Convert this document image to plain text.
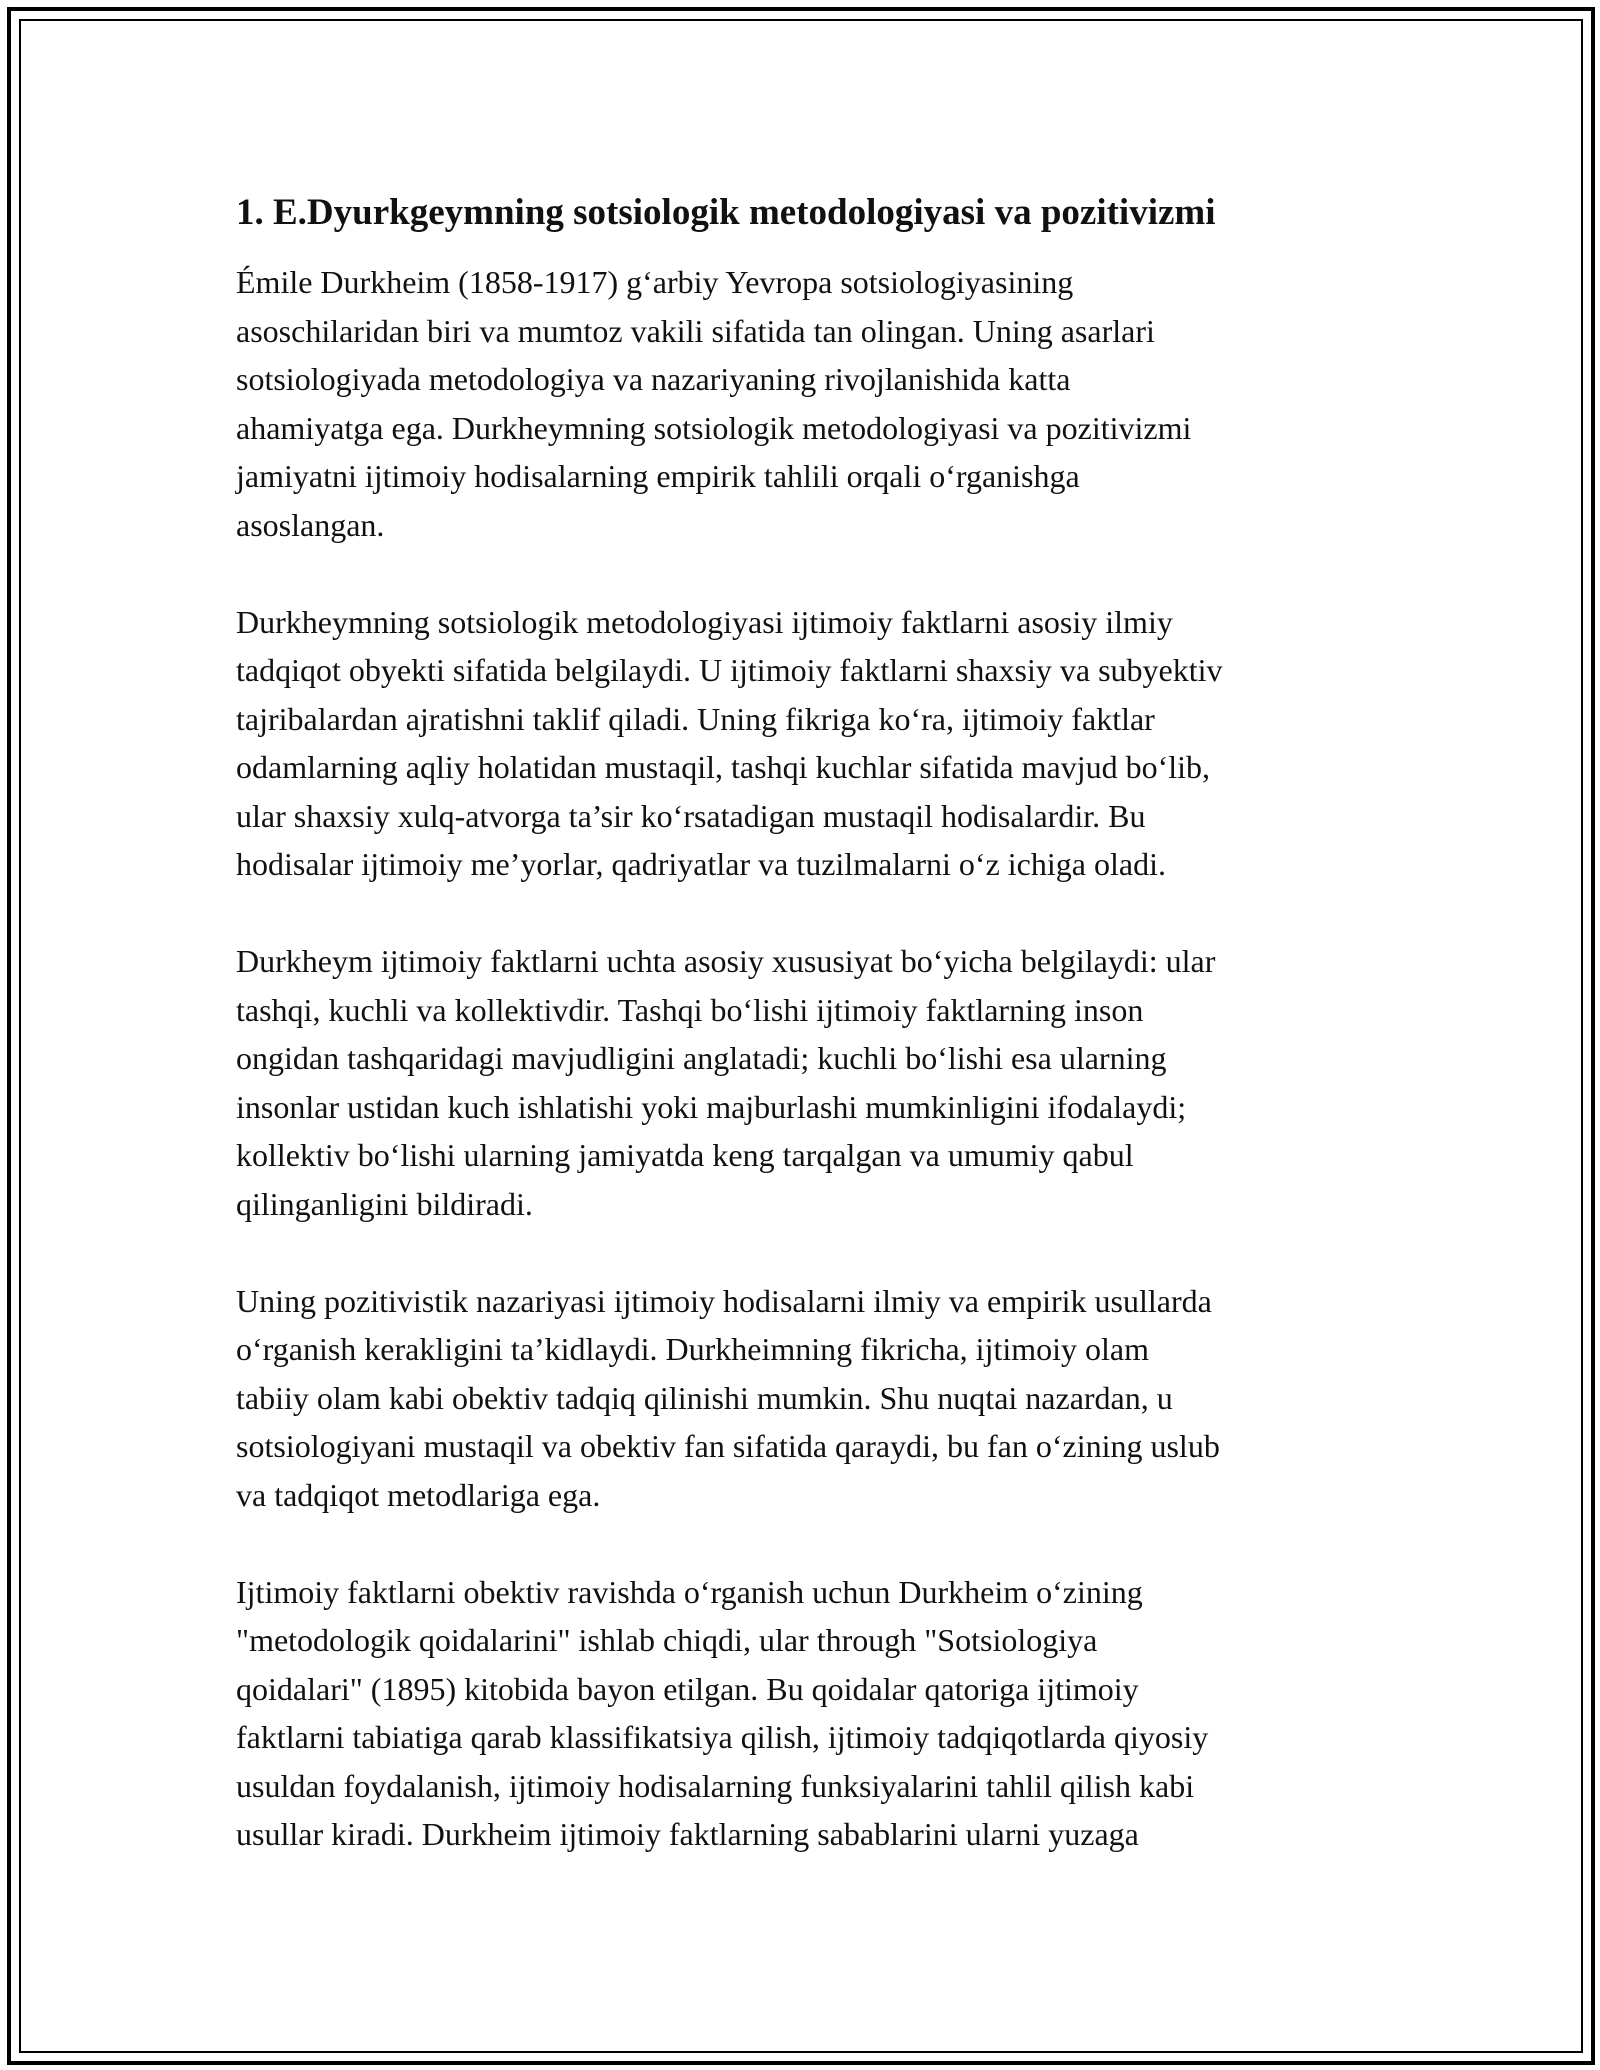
1. E.Dyurkgeymning sotsiologik metodologiyasi va pozitivizmi

Émile Durkheim (1858-1917) g‘arbiy Yevropa sotsiologiyasining
asoschilaridan biri va mumtoz vakili sifatida tan olingan. Uning asarlari
sotsiologiyada metodologiya va nazariyaning rivojlanishida katta
ahamiyatga ega. Durkheymning sotsiologik metodologiyasi va pozitivizmi
jamiyatni ijtimoiy hodisalarning empirik tahlili orqali o‘rganishga
asoslangan.

Durkheymning sotsiologik metodologiyasi ijtimoiy faktlarni asosiy ilmiy
tadqiqot obyekti sifatida belgilaydi. U ijtimoiy faktlarni shaxsiy va subyektiv
tajribalardan ajratishni taklif qiladi. Uning fikriga ko‘ra, ijtimoiy faktlar
odamlarning aqliy holatidan mustaqil, tashqi kuchlar sifatida mavjud bo‘lib,
ular shaxsiy xulq-atvorga ta’sir ko‘rsatadigan mustaqil hodisalardir. Bu
hodisalar ijtimoiy me’yorlar, qadriyatlar va tuzilmalarni o‘z ichiga oladi.

Durkheym ijtimoiy faktlarni uchta asosiy xususiyat bo‘yicha belgilaydi: ular
tashqi, kuchli va kollektivdir. Tashqi bo‘lishi ijtimoiy faktlarning inson
ongidan tashqaridagi mavjudligini anglatadi; kuchli bo‘lishi esa ularning
insonlar ustidan kuch ishlatishi yoki majburlashi mumkinligini ifodalaydi;
kollektiv bo‘lishi ularning jamiyatda keng tarqalgan va umumiy qabul
qilinganligini bildiradi.

Uning pozitivistik nazariyasi ijtimoiy hodisalarni ilmiy va empirik usullarda
o‘rganish kerakligini ta’kidlaydi. Durkheimning fikricha, ijtimoiy olam
tabiiy olam kabi obektiv tadqiq qilinishi mumkin. Shu nuqtai nazardan, u
sotsiologiyani mustaqil va obektiv fan sifatida qaraydi, bu fan o‘zining uslub
va tadqiqot metodlariga ega.

Ijtimoiy faktlarni obektiv ravishda o‘rganish uchun Durkheim o‘zining
"metodologik qoidalarini" ishlab chiqdi, ular through "Sotsiologiya
qoidalari" (1895) kitobida bayon etilgan. Bu qoidalar qatoriga ijtimoiy
faktlarni tabiatiga qarab klassifikatsiya qilish, ijtimoiy tadqiqotlarda qiyosiy
usuldan foydalanish, ijtimoiy hodisalarning funksiyalarini tahlil qilish kabi
usullar kiradi. Durkheim ijtimoiy faktlarning sabablarini ularni yuzaga
